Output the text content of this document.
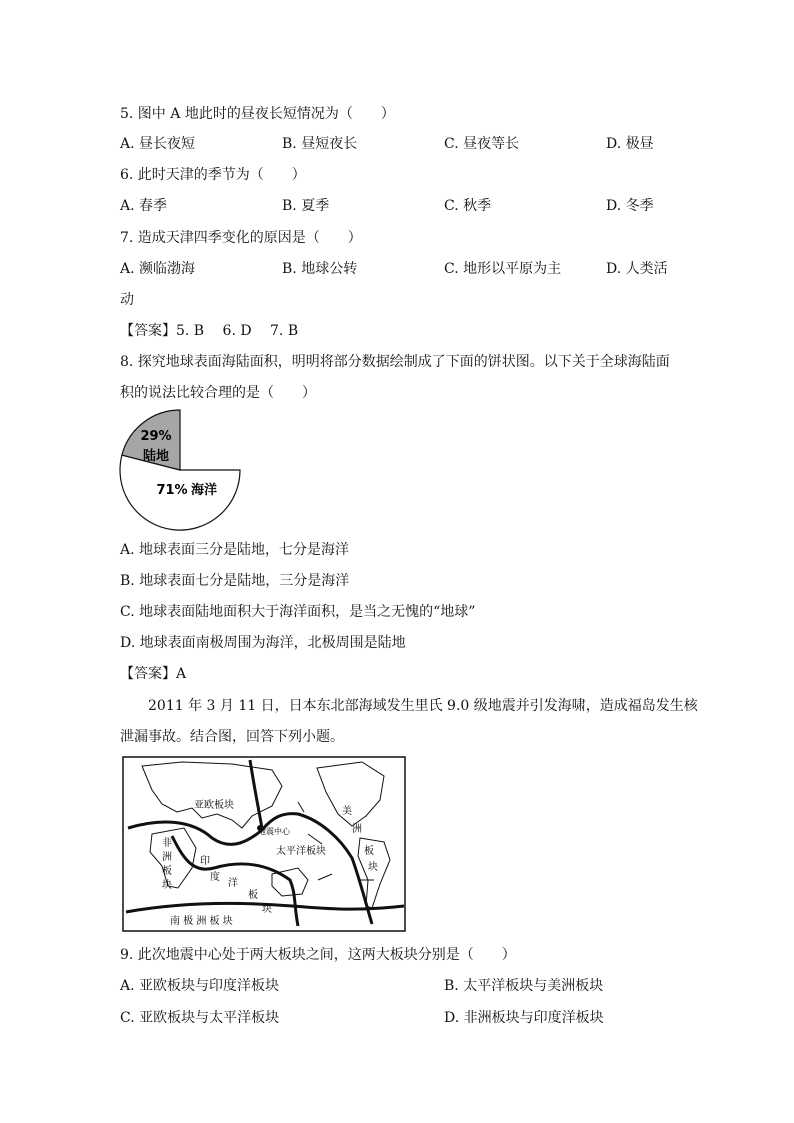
5. 图中 A 地此时的昼夜长短情况为（　　）
A. 昼长夜短	B. 昼短夜长	C. 昼夜等长	D. 极昼
6. 此时天津的季节为（　　）
A. 春季	B. 夏季	C. 秋季	D. 冬季
7. 造成天津四季变化的原因是（　　）
A. 濒临渤海	B. 地球公转	C. 地形以平原为主	D. 人类活
动
【答案】5. B　 6. D　 7. B
8. 探究地球表面海陆面积，明明将部分数据绘制成了下面的饼状图。以下关于全球海陆面
积的说法比较合理的是（　　）
29%
陆地
71% 海洋
A. 地球表面三分是陆地，七分是海洋
B. 地球表面七分是陆地，三分是海洋
C. 地球表面陆地面积大于海洋面积，是当之无愧的“地球”
D. 地球表面南极周围为海洋，北极周围是陆地
【答案】A
2011 年 3 月 11 日，日本东北部海域发生里氏 9.0 级地震并引发海啸，造成福岛发生核
泄漏事故。结合图，回答下列小题。
亚欧板块
地震中心
太平洋板块
非
洲
板
块
印
度
洋
板
块
美
洲
板
块
南 极 洲 板 块
9. 此次地震中心处于两大板块之间，这两大板块分别是（　　）
A. 亚欧板块与印度洋板块	B. 太平洋板块与美洲板块
C. 亚欧板块与太平洋板块	D. 非洲板块与印度洋板块
